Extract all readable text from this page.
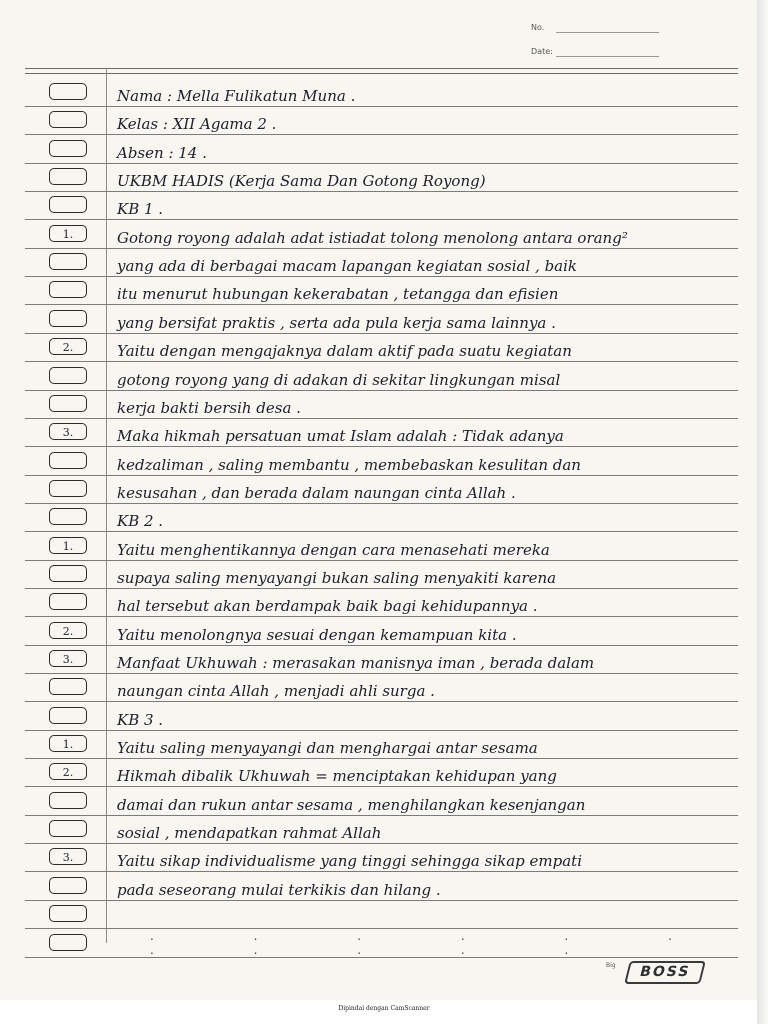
No.
Date:
Nama : Mella Fulikatun Muna .
Kelas : XII Agama 2 .
Absen : 14 .
UKBM HADIS (Kerja Sama Dan Gotong Royong)
KB 1 .
1.	Gotong royong adalah adat istiadat tolong menolong antara orang²
yang ada di berbagai macam lapangan kegiatan sosial , baik
itu menurut hubungan kekerabatan , tetangga dan efisien
yang bersifat praktis , serta ada pula kerja sama lainnya .
2.	Yaitu dengan mengajaknya dalam aktif pada suatu kegiatan
gotong royong yang di adakan di sekitar lingkungan misal
kerja bakti bersih desa .
3.	Maka hikmah persatuan umat Islam adalah : Tidak adanya
kedzaliman , saling membantu , membebaskan kesulitan dan
kesusahan , dan berada dalam naungan cinta Allah .
KB 2 .
1.	Yaitu menghentikannya dengan cara menasehati mereka
supaya saling menyayangi bukan saling menyakiti karena
hal tersebut akan berdampak baik bagi kehidupannya .
2.	Yaitu menolongnya sesuai dengan kemampuan kita .
3.	Manfaat Ukhuwah : merasakan manisnya iman , berada dalam
naungan cinta Allah , menjadi ahli surga .
KB 3 .
1.	Yaitu saling menyayangi dan menghargai antar sesama
2.	Hikmah dibalik Ukhuwah = menciptakan kehidupan yang
damai dan rukun antar sesama , menghilangkan kesenjangan
sosial , mendapatkan rahmat Allah
3.	Yaitu sikap individualisme yang tinggi sehingga sikap empati
pada seseorang mulai terkikis dan hilang .
. . . . . . . . . . .
Big	BOSS
Dipindai dengan CamScanner
